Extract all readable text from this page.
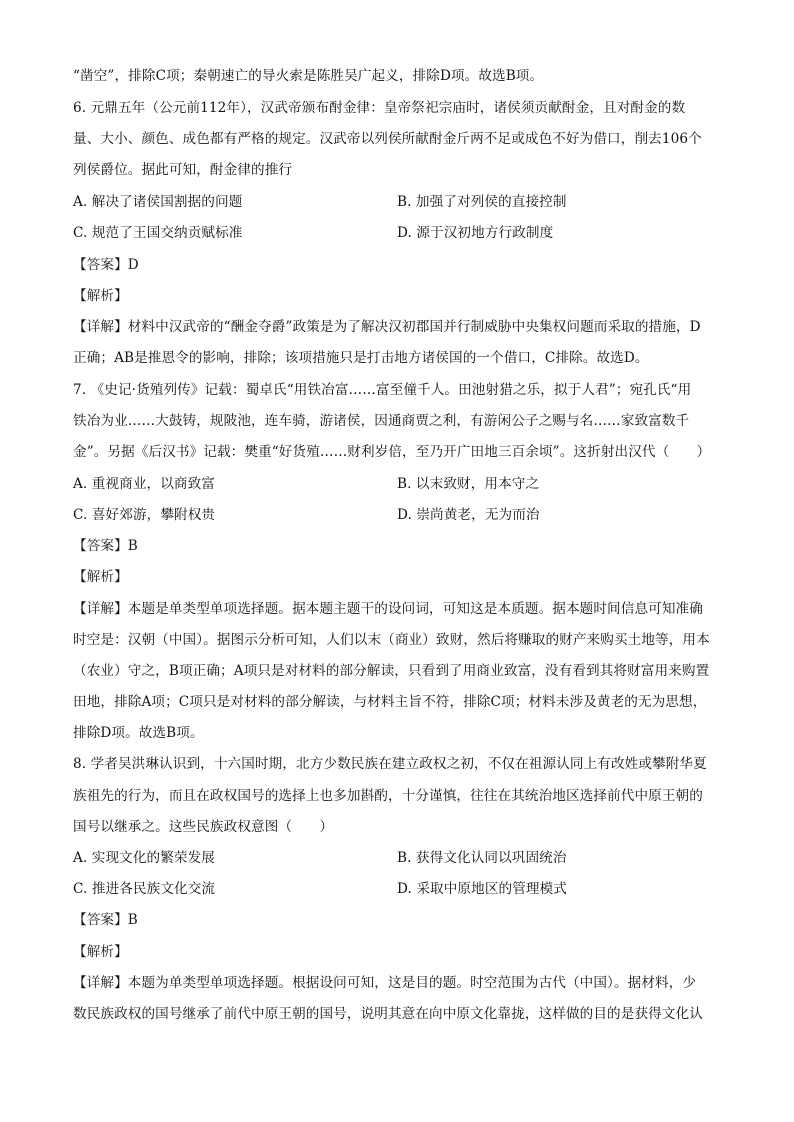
“凿空”，排除C项；秦朝速亡的导火索是陈胜吴广起义，排除D项。故选B项。
6. 元鼎五年（公元前112年），汉武帝颁布酎金律：皇帝祭祀宗庙时，诸侯须贡献酎金，且对酎金的数
量、大小、颜色、成色都有严格的规定。汉武帝以列侯所献酎金斤两不足或成色不好为借口，削去106个
列侯爵位。据此可知，酎金律的推行
A. 解决了诸侯国割据的问题	B. 加强了对列侯的直接控制
C. 规范了王国交纳贡赋标准	D. 源于汉初地方行政制度
【答案】D
【解析】
【详解】材料中汉武帝的“酬金夺爵”政策是为了解决汉初郡国并行制威胁中央集权问题而采取的措施，D
正确；AB是推恩令的影响，排除；该项措施只是打击地方诸侯国的一个借口，C排除。故选D。
7. 《史记·货殖列传》记载：蜀卓氏“用铁冶富……富至僮千人。田池射猎之乐，拟于人君”；宛孔氏“用
铁冶为业……大鼓铸，规陂池，连车骑，游诸侯，因通商贾之利，有游闲公子之赐与名……家致富数千
金”。另据《后汉书》记载：樊重“好货殖……财利岁倍，至乃开广田地三百余顷”。这折射出汉代（　　）
A. 重视商业，以商致富	B. 以末致财，用本守之
C. 喜好郊游，攀附权贵	D. 崇尚黄老，无为而治
【答案】B
【解析】
【详解】本题是单类型单项选择题。据本题主题干的设问词，可知这是本质题。据本题时间信息可知准确
时空是：汉朝（中国）。据图示分析可知，人们以末（商业）致财，然后将赚取的财产来购买土地等，用本
（农业）守之，B项正确；A项只是对材料的部分解读，只看到了用商业致富，没有看到其将财富用来购置
田地，排除A项；C项只是对材料的部分解读，与材料主旨不符，排除C项；材料未涉及黄老的无为思想，
排除D项。故选B项。
8. 学者吴洪琳认识到，十六国时期，北方少数民族在建立政权之初，不仅在祖源认同上有改姓或攀附华夏
族祖先的行为，而且在政权国号的选择上也多加斟酌，十分谨慎，往往在其统治地区选择前代中原王朝的
国号以继承之。这些民族政权意图（　　）
A. 实现文化的繁荣发展	B. 获得文化认同以巩固统治
C. 推进各民族文化交流	D. 采取中原地区的管理模式
【答案】B
【解析】
【详解】本题为单类型单项选择题。根据设问可知，这是目的题。时空范围为古代（中国）。据材料，少
数民族政权的国号继承了前代中原王朝的国号，说明其意在向中原文化靠拢，这样做的目的是获得文化认
